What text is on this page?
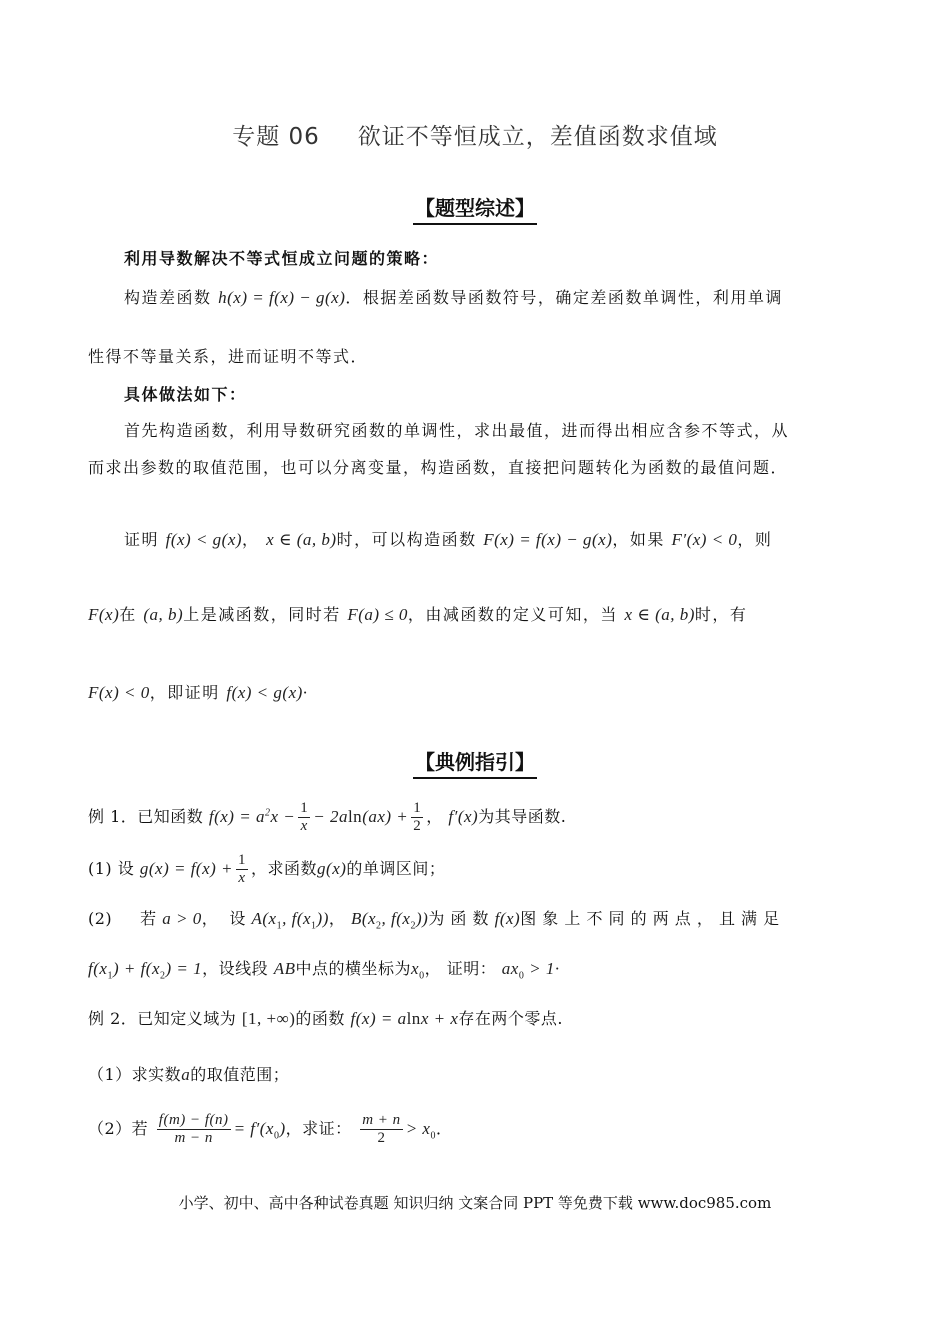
专题 06 欲证不等恒成立，差值函数求值域
【题型综述】
利用导数解决不等式恒成立问题的策略：
构造差函数 h(x) = f(x) − g(x)．根据差函数导函数符号，确定差函数单调性，利用单调
性得不等量关系，进而证明不等式．
具体做法如下：
首先构造函数，利用导数研究函数的单调性，求出最值，进而得出相应含参不等式，从
而求出参数的取值范围，也可以分离变量，构造函数，直接把问题转化为函数的最值问题．
证明 f(x) < g(x)， x ∈ (a, b)时，可以构造函数 F(x) = f(x) − g(x)，如果 F′(x) < 0，则
F(x)在 (a, b)上是减函数，同时若 F(a) ≤ 0，由减函数的定义可知，当 x ∈ (a, b)时，有
F(x) < 0，即证明 f(x) < g(x)·
【典例指引】
例 1．已知函数 $f(x) = a^2x - \frac{1}{x} - 2aln(ax) + \frac{1}{2}$ ， f′(x)为其导函数.
(1) 设 $g(x) = f(x) + \frac{1}{x}$ ，求函数g(x)的单调区间；
(2) 若 a > 0，  设 $A(x_1$, $f(x_1)$)， $B(x_2$, $f(x_2)$)为 函 数 f(x)图 象 上 不 同 的 两 点 ， 且 满 足
$f(x_1) + f(x_2) = 1$，设线段 AB中点的横坐标为$x_0$， 证明： $ax_0 > 1\cdot$
例 2．已知定义域为 [1, +∞)的函数 f(x) = alnx + x存在两个零点.
（1）求实数a的取值范围；
（2）若 $\frac{f(m) - f(n)}{m - n} = f'(x_0)$，求证： $\frac{m + n}{2} > x_0$．
小学、初中、高中各种试卷真题 知识归纳 文案合同 PPT 等免费下载 www.doc985.com
